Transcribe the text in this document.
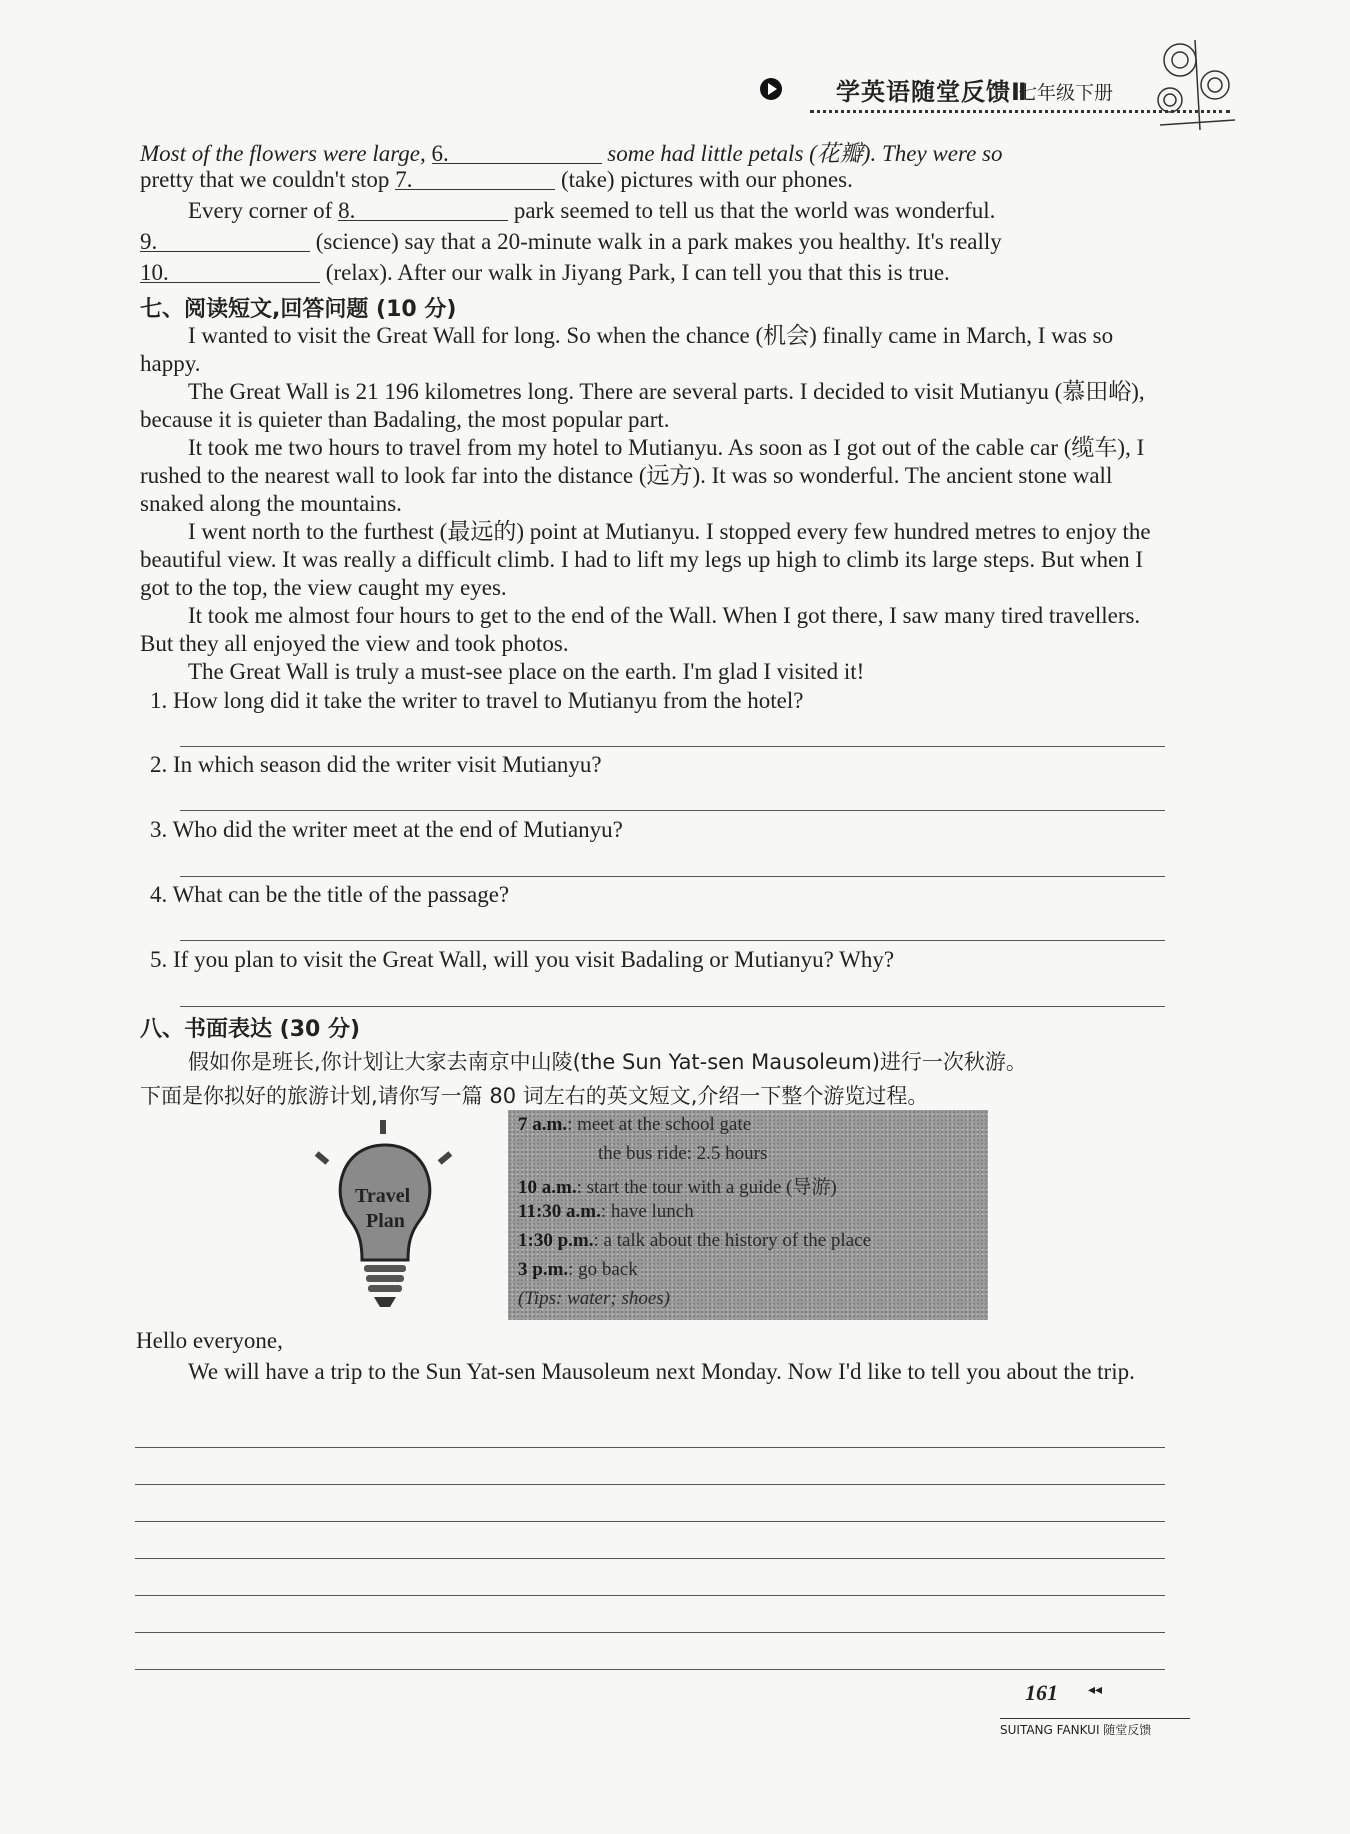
学英语随堂反馈Ⅱ
七年级下册
Most of the flowers were large, 6.	some had little petals (花瓣). They were so
pretty that we couldn't stop 7.	(take) pictures with our phones.
Every corner of 8.	park seemed to tell us that the world was wonderful.
9.	(science) say that a 20-minute walk in a park makes you healthy. It's really
10.	(relax). After our walk in Jiyang Park, I can tell you that this is true.
七、阅读短文,回答问题 (10 分)
I wanted to visit the Great Wall for long. So when the chance (机会) finally came in March, I was so happy.
The Great Wall is 21 196 kilometres long. There are several parts. I decided to visit Mutianyu (慕田峪), because it is quieter than Badaling, the most popular part.
It took me two hours to travel from my hotel to Mutianyu. As soon as I got out of the cable car (缆车), I rushed to the nearest wall to look far into the distance (远方). It was so wonderful. The ancient stone wall snaked along the mountains.
I went north to the furthest (最远的) point at Mutianyu. I stopped every few hundred metres to enjoy the beautiful view. It was really a difficult climb. I had to lift my legs up high to climb its large steps. But when I got to the top, the view caught my eyes.
It took me almost four hours to get to the end of the Wall. When I got there, I saw many tired travellers. But they all enjoyed the view and took photos.
The Great Wall is truly a must-see place on the earth. I'm glad I visited it!
1. How long did it take the writer to travel to Mutianyu from the hotel?
2. In which season did the writer visit Mutianyu?
3. Who did the writer meet at the end of Mutianyu?
4. What can be the title of the passage?
5. If you plan to visit the Great Wall, will you visit Badaling or Mutianyu? Why?
八、书面表达 (30 分)
假如你是班长,你计划让大家去南京中山陵(the Sun Yat-sen Mausoleum)进行一次秋游。
下面是你拟好的旅游计划,请你写一篇 80 词左右的英文短文,介绍一下整个游览过程。
Travel
Plan
7 a.m.: meet at the school gate
the bus ride: 2.5 hours
10 a.m.: start the tour with a guide (导游)
11:30 a.m.: have lunch
1:30 p.m.: a talk about the history of the place
3 p.m.: go back
(Tips: water; shoes)
Hello everyone,
We will have a trip to the Sun Yat-sen Mausoleum next Monday. Now I'd like to tell you about the trip.
161 ◂◂
SUITANG FANKUI 随堂反馈
